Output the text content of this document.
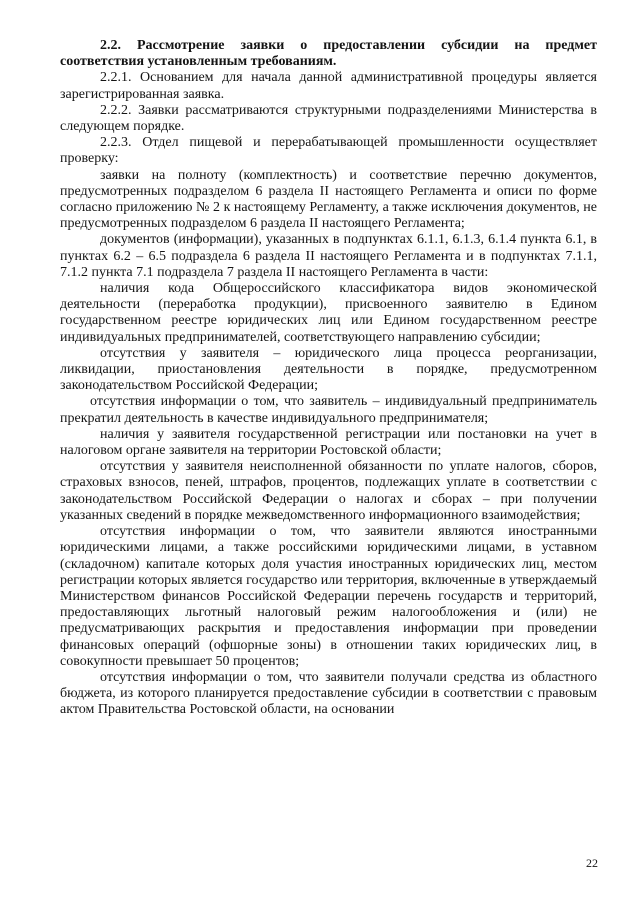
2.2. Рассмотрение заявки о предоставлении субсидии на предмет соответствия установленным требованиям.

2.2.1. Основанием для начала данной административной процедуры является зарегистрированная заявка.

2.2.2. Заявки рассматриваются структурными подразделениями Министерства в следующем порядке.

2.2.3. Отдел пищевой и перерабатывающей промышленности осуществляет проверку:

заявки на полноту (комплектность) и соответствие перечню документов, предусмотренных подразделом 6 раздела II настоящего Регламента и описи по форме согласно приложению № 2 к настоящему Регламенту, а также исключения документов, не предусмотренных подразделом 6 раздела II настоящего Регламента;

документов (информации), указанных в подпунктах 6.1.1, 6.1.3, 6.1.4 пункта 6.1, в пунктах 6.2 – 6.5 подраздела 6 раздела II настоящего Регламента и в подпунктах 7.1.1, 7.1.2 пункта 7.1 подраздела 7 раздела II настоящего Регламента в части:

наличия кода Общероссийского классификатора видов экономической деятельности (переработка продукции), присвоенного заявителю в Едином государственном реестре юридических лиц или Едином государственном реестре индивидуальных предпринимателей, соответствующего направлению субсидии;

отсутствия у заявителя – юридического лица процесса реорганизации, ликвидации, приостановления деятельности в порядке, предусмотренном законодательством Российской Федерации;

отсутствия информации о том, что заявитель – индивидуальный предприниматель прекратил деятельность в качестве индивидуального предпринимателя;

наличия у заявителя государственной регистрации или постановки на учет в налоговом органе заявителя на территории Ростовской области;

отсутствия у заявителя неисполненной обязанности по уплате налогов, сборов, страховых взносов, пеней, штрафов, процентов, подлежащих уплате в соответствии с законодательством Российской Федерации о налогах и сборах – при получении указанных сведений в порядке межведомственного информационного взаимодействия;

отсутствия информации о том, что заявители являются иностранными юридическими лицами, а также российскими юридическими лицами, в уставном (складочном) капитале которых доля участия иностранных юридических лиц, местом регистрации которых является государство или территория, включенные в утверждаемый Министерством финансов Российской Федерации перечень государств и территорий, предоставляющих льготный налоговый режим налогообложения и (или) не предусматривающих раскрытия и предоставления информации при проведении финансовых операций (офшорные зоны) в отношении таких юридических лиц, в совокупности превышает 50 процентов;

отсутствия информации о том, что заявители получали средства из областного бюджета, из которого планируется предоставление субсидии в соответствии с правовым актом Правительства Ростовской области, на основании

22
